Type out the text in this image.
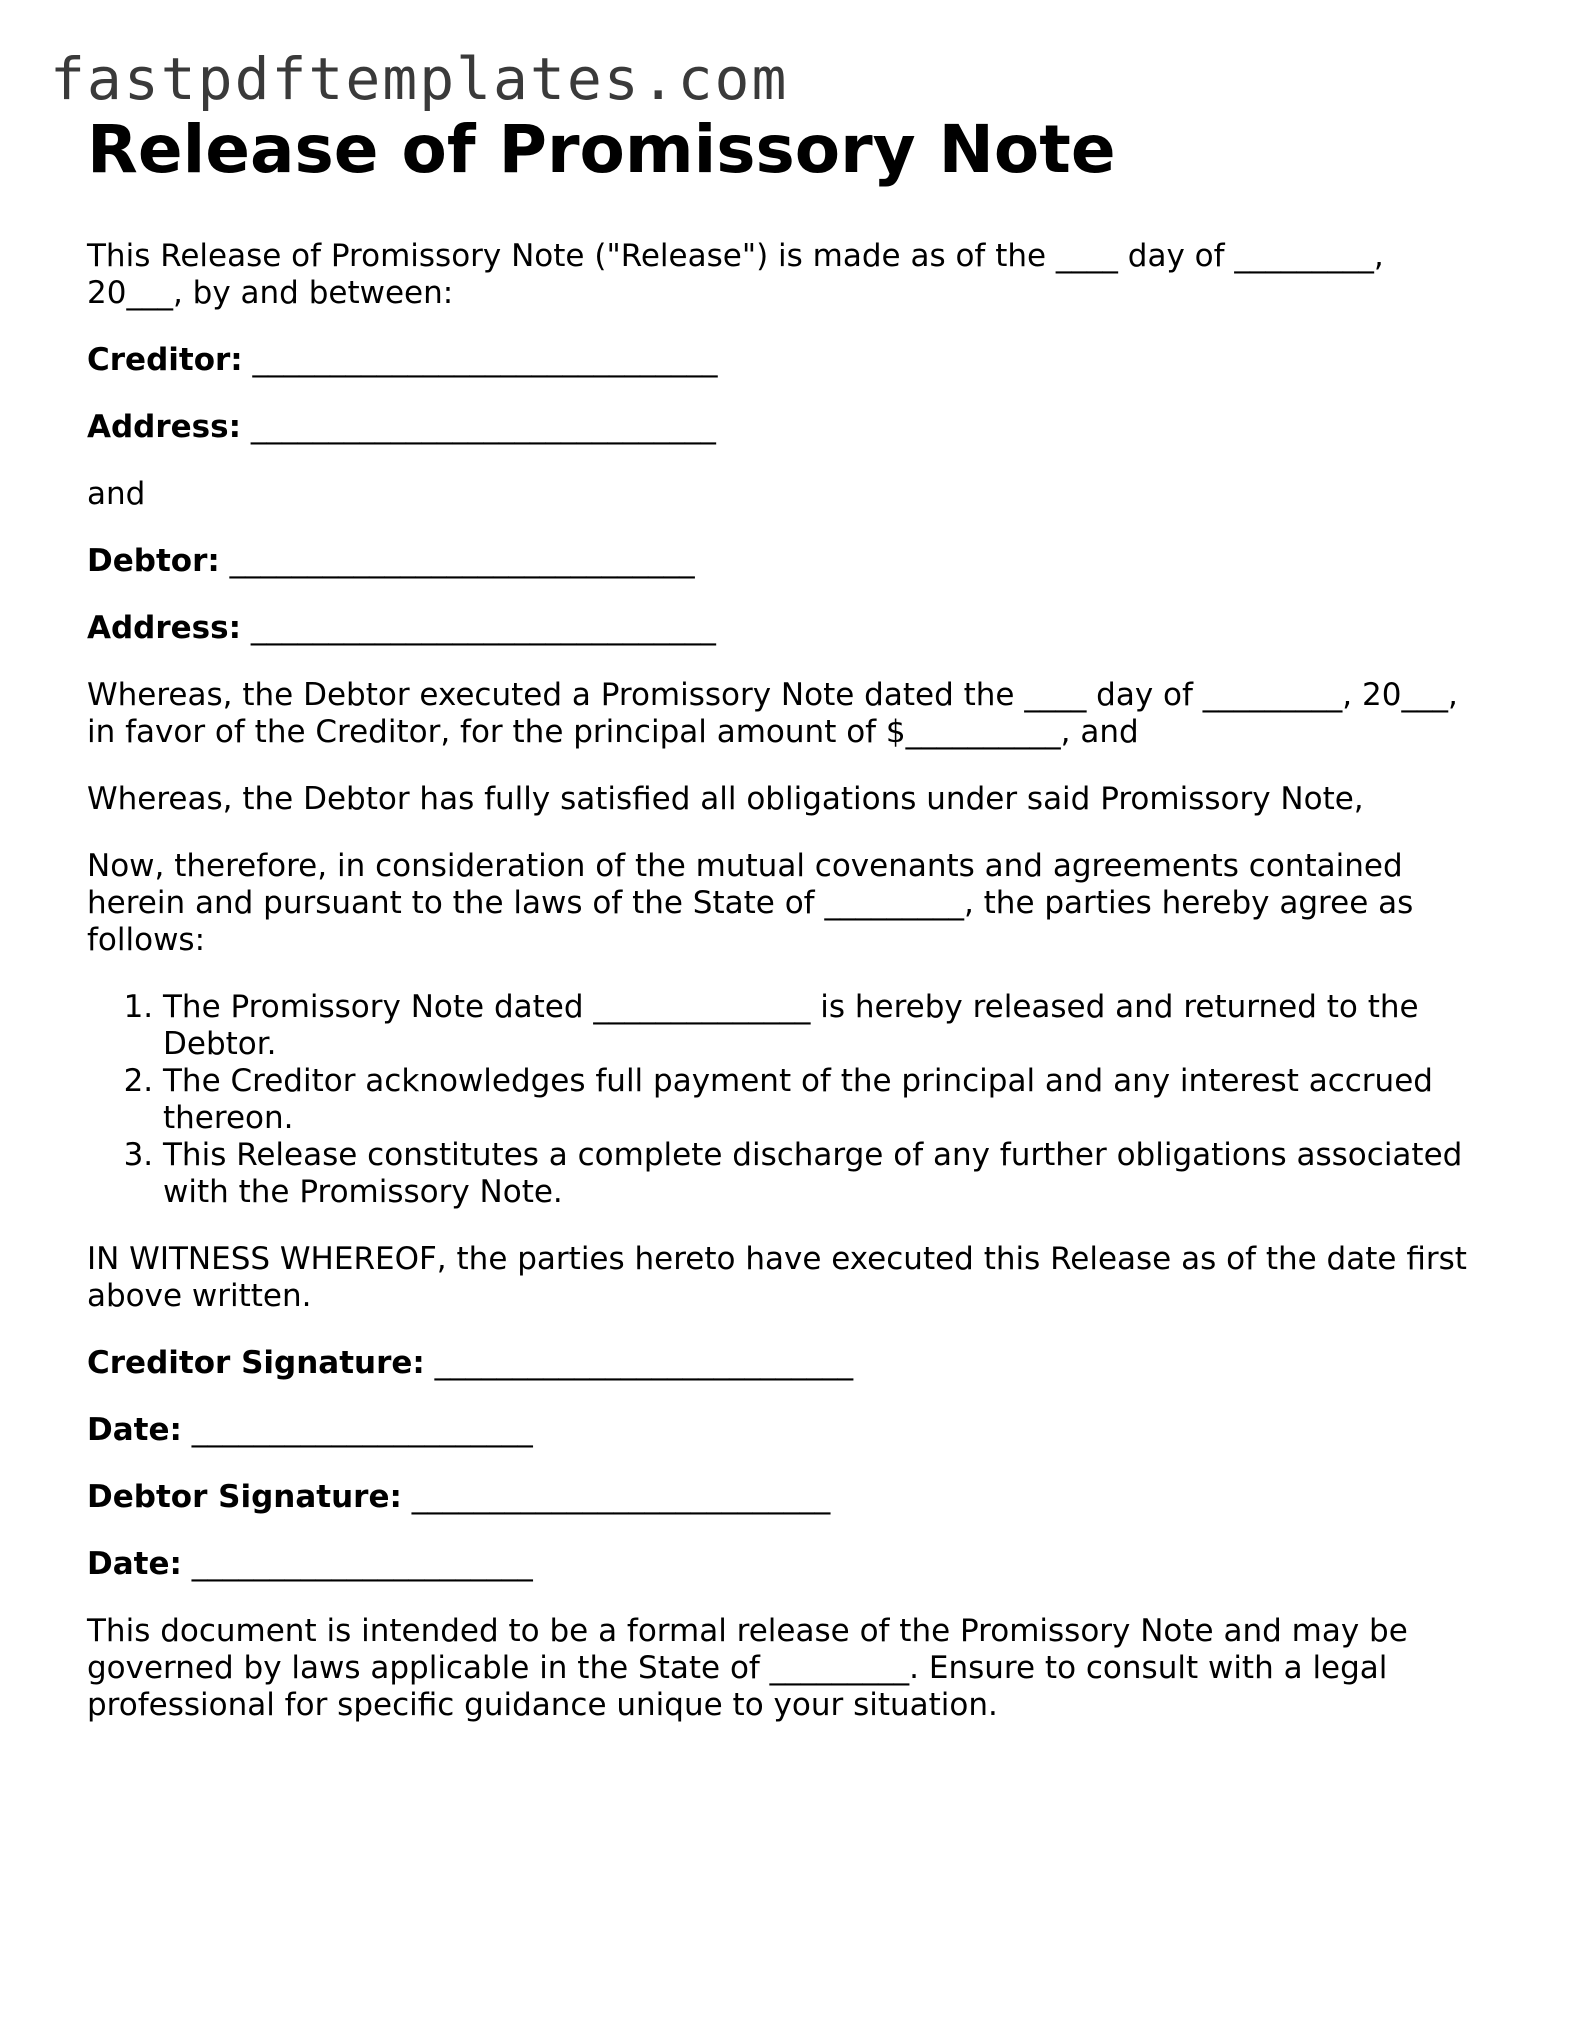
fastpdftemplates.com
Release of Promissory Note

This Release of Promissory Note ("Release") is made as of the ____ day of _________,
20___, by and between:

Creditor: ______________________________
Address: ______________________________

and

Debtor: ______________________________
Address: ______________________________

Whereas, the Debtor executed a Promissory Note dated the ____ day of _________, 20___,
in favor of the Creditor, for the principal amount of $__________, and

Whereas, the Debtor has fully satisfied all obligations under said Promissory Note,

Now, therefore, in consideration of the mutual covenants and agreements contained
herein and pursuant to the laws of the State of _________, the parties hereby agree as
follows:

1. The Promissory Note dated ______________ is hereby released and returned to the
Debtor.
2. The Creditor acknowledges full payment of the principal and any interest accrued
thereon.
3. This Release constitutes a complete discharge of any further obligations associated
with the Promissory Note.

IN WITNESS WHEREOF, the parties hereto have executed this Release as of the date first
above written.

Creditor Signature: ___________________________
Date: ______________________
Debtor Signature: ___________________________
Date: ______________________

This document is intended to be a formal release of the Promissory Note and may be
governed by laws applicable in the State of _________. Ensure to consult with a legal
professional for specific guidance unique to your situation.
